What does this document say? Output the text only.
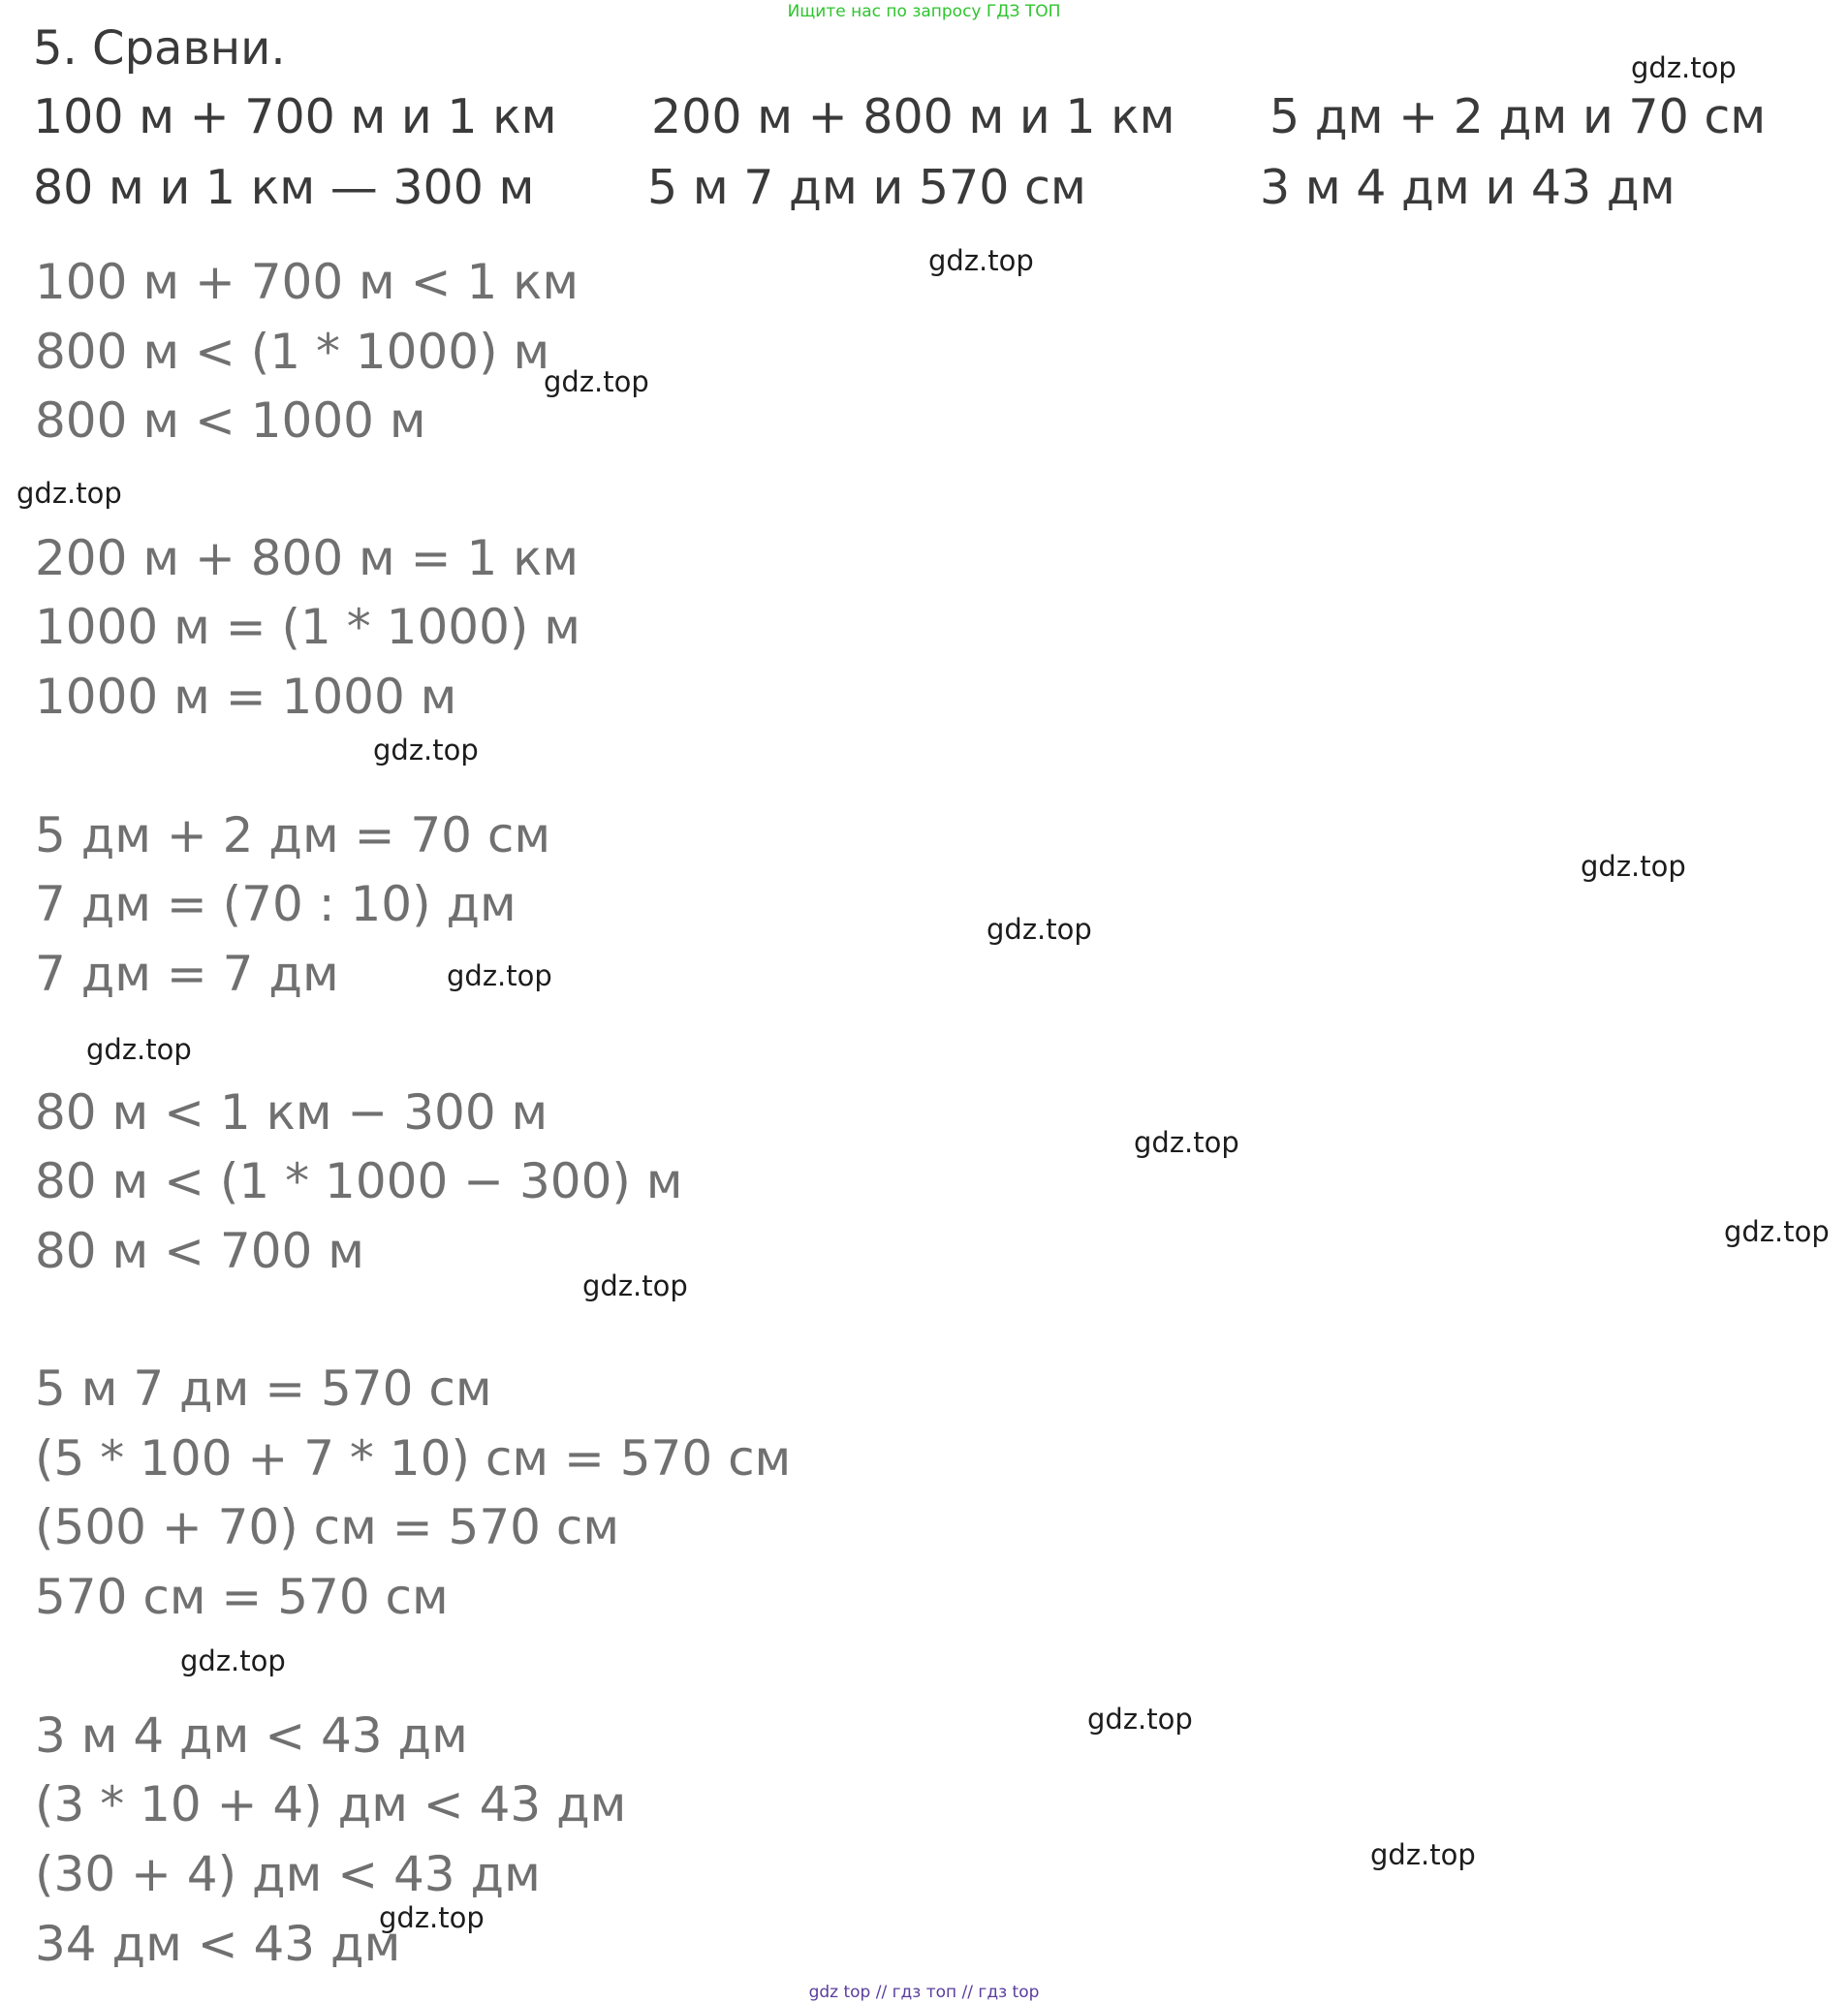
Ищите нас по запросу ГДЗ ТОП
5. Сравни.
100 м + 700 м и 1 км 200 м + 800 м и 1 км 5 дм + 2 дм и 70 см
80 м и 1 км — 300 м 5 м 7 дм и 570 см	3 м 4 дм и 43 дм
100 м + 700 м < 1 км
800 м < (1 * 1000) м
800 м < 1000 м
200 м + 800 м = 1 км
1000 м = (1 * 1000) м
1000 м = 1000 м
5 дм + 2 дм = 70 см
7 дм = (70 : 10) дм
7 дм = 7 дм
80 м < 1 км − 300 м
80 м < (1 * 1000 − 300) м
80 м < 700 м
5 м 7 дм = 570 см
(5 * 100 + 7 * 10) см = 570 см
(500 + 70) см = 570 см
570 см = 570 см
3 м 4 дм < 43 дм
(3 * 10 + 4) дм < 43 дм
(30 + 4) дм < 43 дм
34 дм < 43 дм
gdz.top
gdz.top
gdz.top
gdz.top
gdz.top
gdz.top
gdz.top
gdz.top
gdz.top
gdz.top
gdz.top
gdz.top
gdz.top
gdz.top
gdz.top
gdz.top
gdz top // гдз топ // гдз top
